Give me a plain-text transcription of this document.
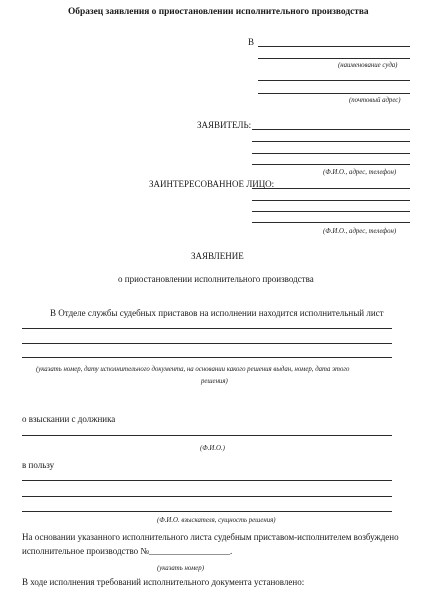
Образец заявления о приостановлении исполнительного производства
В
(наименование суда)
(почтовый адрес)
ЗАЯВИТЕЛЬ:
(Ф.И.О., адрес, телефон)
ЗАИНТЕРЕСОВАННОЕ ЛИЦО:
(Ф.И.О., адрес, телефон)
ЗАЯВЛЕНИЕ
о приостановлении исполнительного производства
В Отделе службы судебных приставов на исполнении находится исполнительный лист
(указать номер, дату исполнительного документа, на основании какого решения выдан, номер, дата этого
решения)
о взыскании с должника
(Ф.И.О.)
в пользу
(Ф.И.О. взыскателя, сущность решения)
На основании указанного исполнительного листа судебным приставом-исполнителем возбуждено
исполнительное производство №__________________.
(указать номер)
В ходе исполнения требований исполнительного документа установлено:
